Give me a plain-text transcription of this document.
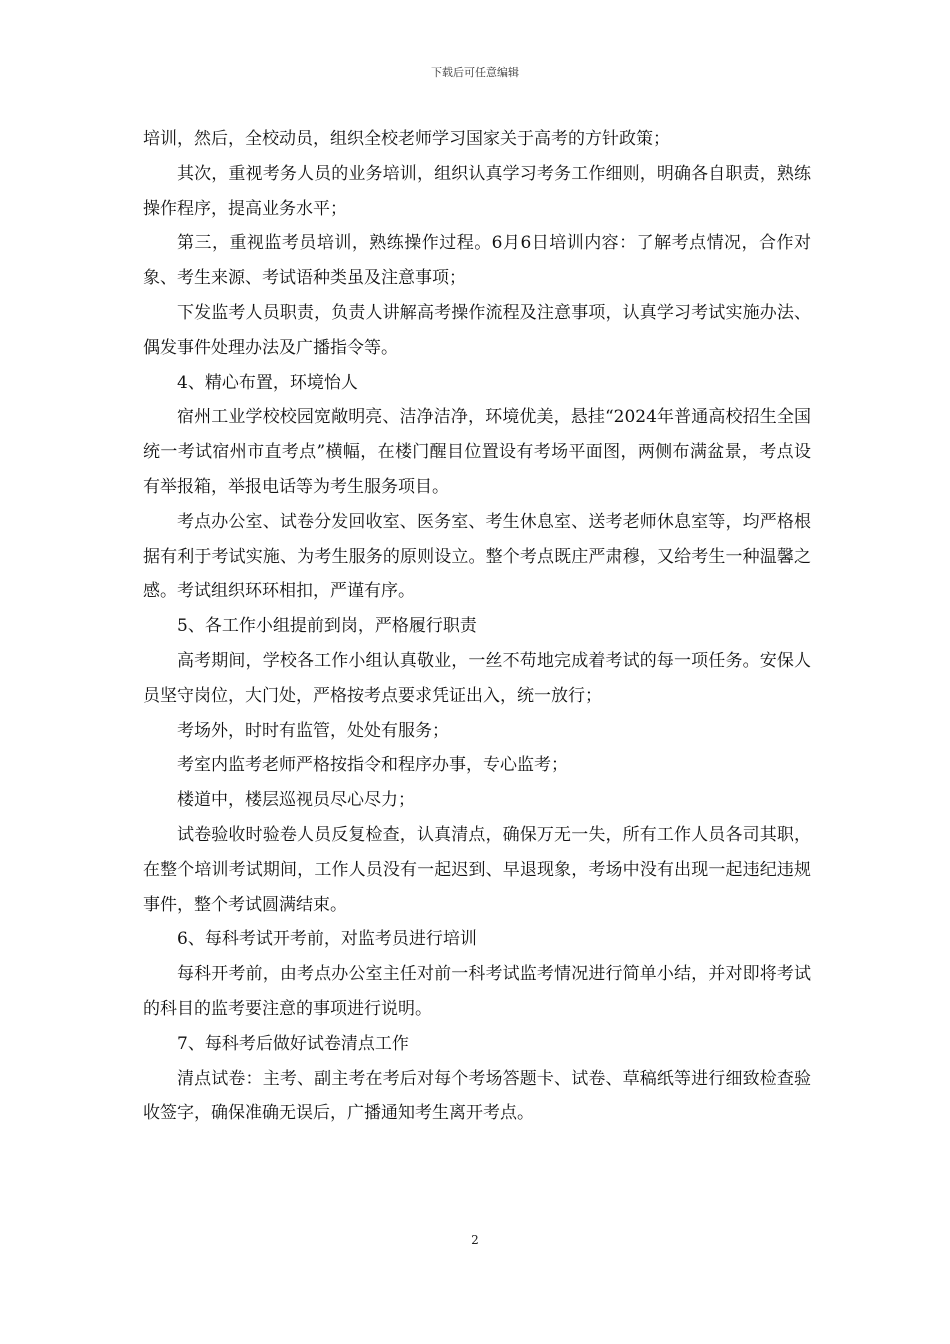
下载后可任意编辑

培训，然后，全校动员，组织全校老师学习国家关于高考的方针政策；

其次，重视考务人员的业务培训，组织认真学习考务工作细则，明确各自职责，熟练操作程序，提高业务水平；

第三，重视监考员培训，熟练操作过程。6月6日培训内容：了解考点情况，合作对象、考生来源、考试语种类虽及注意事项；

下发监考人员职责，负责人讲解高考操作流程及注意事项，认真学习考试实施办法、偶发事件处理办法及广播指令等。

4、精心布置，环境怡人

宿州工业学校校园宽敞明亮、洁净洁净，环境优美，悬挂“2024年普通高校招生全国统一考试宿州市直考点”横幅，在楼门醒目位置设有考场平面图，两侧布满盆景，考点设有举报箱，举报电话等为考生服务项目。

考点办公室、试卷分发回收室、医务室、考生休息室、送考老师休息室等，均严格根据有利于考试实施、为考生服务的原则设立。整个考点既庄严肃穆，又给考生一种温馨之感。考试组织环环相扣，严谨有序。

5、各工作小组提前到岗，严格履行职责

高考期间，学校各工作小组认真敬业，一丝不苟地完成着考试的每一项任务。安保人员坚守岗位，大门处，严格按考点要求凭证出入，统一放行；

考场外，时时有监管，处处有服务；

考室内监考老师严格按指令和程序办事，专心监考；

楼道中，楼层巡视员尽心尽力；

试卷验收时验卷人员反复检查，认真清点，确保万无一失，所有工作人员各司其职，在整个培训考试期间，工作人员没有一起迟到、早退现象，考场中没有出现一起违纪违规事件，整个考试圆满结束。

6、每科考试开考前，对监考员进行培训

每科开考前，由考点办公室主任对前一科考试监考情况进行简单小结，并对即将考试的科目的监考要注意的事项进行说明。

7、每科考后做好试卷清点工作

清点试卷：主考、副主考在考后对每个考场答题卡、试卷、草稿纸等进行细致检查验收签字，确保准确无误后，广播通知考生离开考点。

2
